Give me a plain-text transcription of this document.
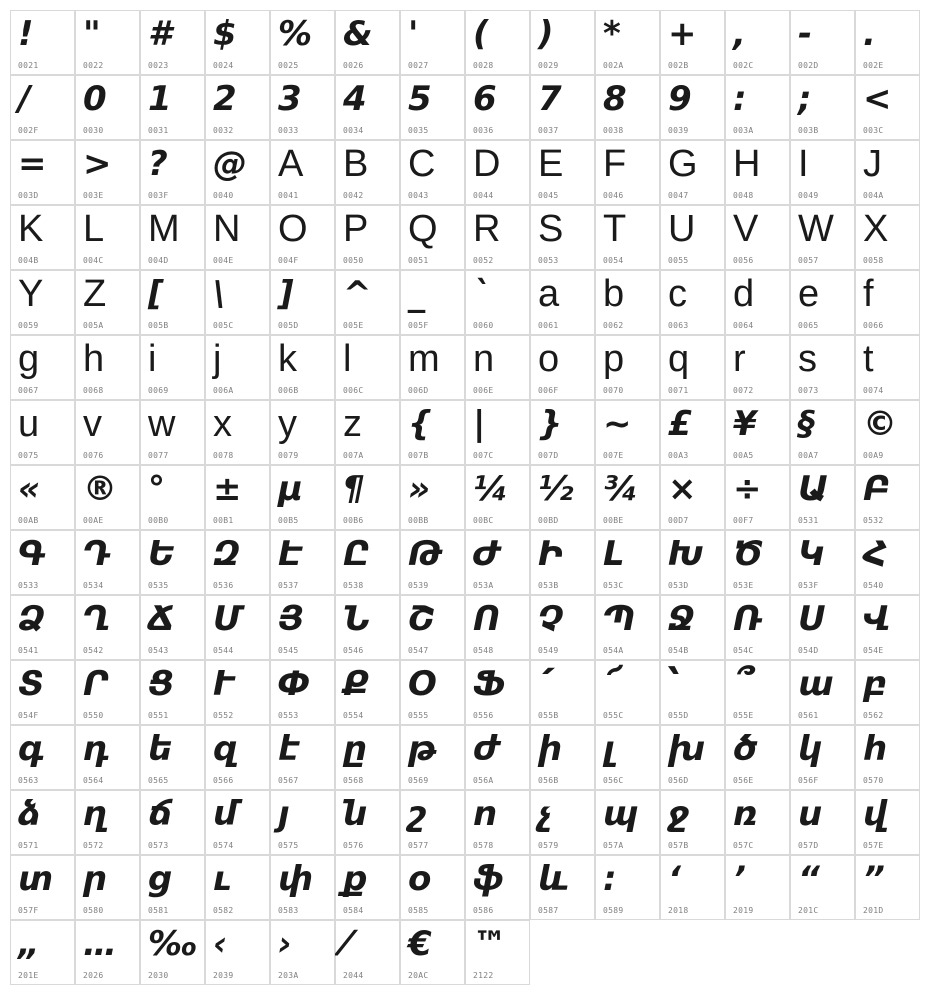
!
0021
"
0022
#
0023
$
0024
%
0025
&
0026
'
0027
(
0028
)
0029
*
002A
+
002B
,
002C
-
002D
.
002E
/
002F
0
0030
1
0031
2
0032
3
0033
4
0034
5
0035
6
0036
7
0037
8
0038
9
0039
:
003A
;
003B
<
003C
=
003D
>
003E
?
003F
@
0040
A
0041
B
0042
C
0043
D
0044
E
0045
F
0046
G
0047
H
0048
I
0049
J
004A
K
004B
L
004C
M
004D
N
004E
O
004F
P
0050
Q
0051
R
0052
S
0053
T
0054
U
0055
V
0056
W
0057
X
0058
Y
0059
Z
005A
[
005B
\
005C
]
005D
^
005E
_
005F
`
0060
a
0061
b
0062
c
0063
d
0064
e
0065
f
0066
g
0067
h
0068
i
0069
j
006A
k
006B
l
006C
m
006D
n
006E
o
006F
p
0070
q
0071
r
0072
s
0073
t
0074
u
0075
v
0076
w
0077
x
0078
y
0079
z
007A
{
007B
|
007C
}
007D
~
007E
£
00A3
¥
00A5
§
00A7
©
00A9
«
00AB
®
00AE
°
00B0
±
00B1
µ
00B5
¶
00B6
»
00BB
¼
00BC
½
00BD
¾
00BE
×
00D7
÷
00F7
Ա
0531
Բ
0532
Գ
0533
Դ
0534
Ե
0535
Զ
0536
Է
0537
Ը
0538
Թ
0539
Ժ
053A
Ի
053B
Լ
053C
Խ
053D
Ծ
053E
Կ
053F
Հ
0540
Ձ
0541
Ղ
0542
Ճ
0543
Մ
0544
Յ
0545
Ն
0546
Շ
0547
Ո
0548
Չ
0549
Պ
054A
Ջ
054B
Ռ
054C
Ս
054D
Վ
054E
Տ
054F
Ր
0550
Ց
0551
Ւ
0552
Փ
0553
Ք
0554
Օ
0555
Ֆ
0556
՛
055B
՜
055C
՝
055D
՞
055E
ա
0561
բ
0562
գ
0563
դ
0564
ե
0565
զ
0566
է
0567
ը
0568
թ
0569
ժ
056A
ի
056B
լ
056C
խ
056D
ծ
056E
կ
056F
հ
0570
ձ
0571
ղ
0572
ճ
0573
մ
0574
յ
0575
ն
0576
շ
0577
ո
0578
չ
0579
պ
057A
ջ
057B
ռ
057C
ս
057D
վ
057E
տ
057F
ր
0580
ց
0581
ւ
0582
փ
0583
ք
0584
օ
0585
ֆ
0586
և
0587
։
0589
‘
2018
’
2019
“
201C
”
201D
„
201E
…
2026
‰
2030
‹
2039
›
203A
⁄
2044
€
20AC
™
2122
